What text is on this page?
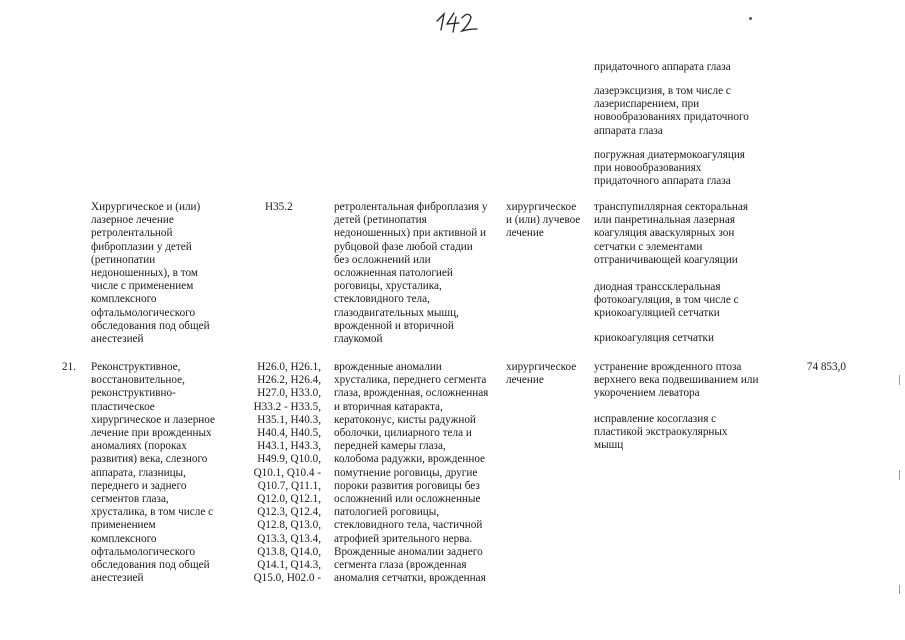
придаточного аппарата глаза

лазерэксцизия, в том числе с

лазериспарением, при

новообразованиях придаточного

аппарата глаза

погружная диатермокоагуляция

при новообразованиях

придаточного аппарата глаза

Хирургическое и (или)

лазерное лечение

ретролентальной

фиброплазии у детей

(ретинопатии

недоношенных), в том

числе с применением

комплексного

офтальмологического

обследования под общей

анестезией

H35.2	ретролентальная фиброплазия у

детей (ретинопатия

недоношенных) при активной и

рубцовой фазе любой стадии

без осложнений или

осложненная патологией

роговицы, хрусталика,

стекловидного тела,

глазодвигательных мышц,

врожденной и вторичной

глаукомой

хирургическое

и (или) лучевое

лечение

транспупиллярная секторальная

или панретинальная лазерная

коагуляция аваскулярных зон

сетчатки с элементами

отграничивающей коагуляции

диодная транссклеральная

фотокоагуляция, в том числе с

криокоагуляцией сетчатки

криокоагуляция сетчатки

21. Реконструктивное,

восстановительное,

реконструктивно-

пластическое

хирургическое и лазерное

лечение при врожденных

аномалиях (пороках

развития) века, слезного

аппарата, глазницы,

переднего и заднего

сегментов глаза,

хрусталика, в том числе с

применением

комплексного

офтальмологического

обследования под общей

анестезией

H26.0, H26.1,

H26.2, H26.4,

H27.0, H33.0,

H33.2 - H33.5,

H35.1, H40.3,

H40.4, H40.5,

H43.1, H43.3,

H49.9, Q10.0,

Q10.1, Q10.4 -

Q10.7, Q11.1,

Q12.0, Q12.1,

Q12.3, Q12.4,

Q12.8, Q13.0,

Q13.3, Q13.4,

Q13.8, Q14.0,

Q14.1, Q14.3,

Q15.0, H02.0 -

врожденные аномалии

хрусталика, переднего сегмента

глаза, врожденная, осложненная

и вторичная катаракта,

кератоконус, кисты радужной

оболочки, цилиарного тела и

передней камеры глаза,

колобома радужки, врожденное

помутнение роговицы, другие

пороки развития роговицы без

осложнений или осложненные

патологией роговицы,

стекловидного тела, частичной

атрофией зрительного нерва.

Врожденные аномалии заднего

сегмента глаза (врожденная

аномалия сетчатки, врожденная

хирургическое

лечение

устранение врожденного птоза

верхнего века подвешиванием или

укорочением леватора

исправление косоглазия с

пластикой экстраокулярных

мышц

74 853,0
